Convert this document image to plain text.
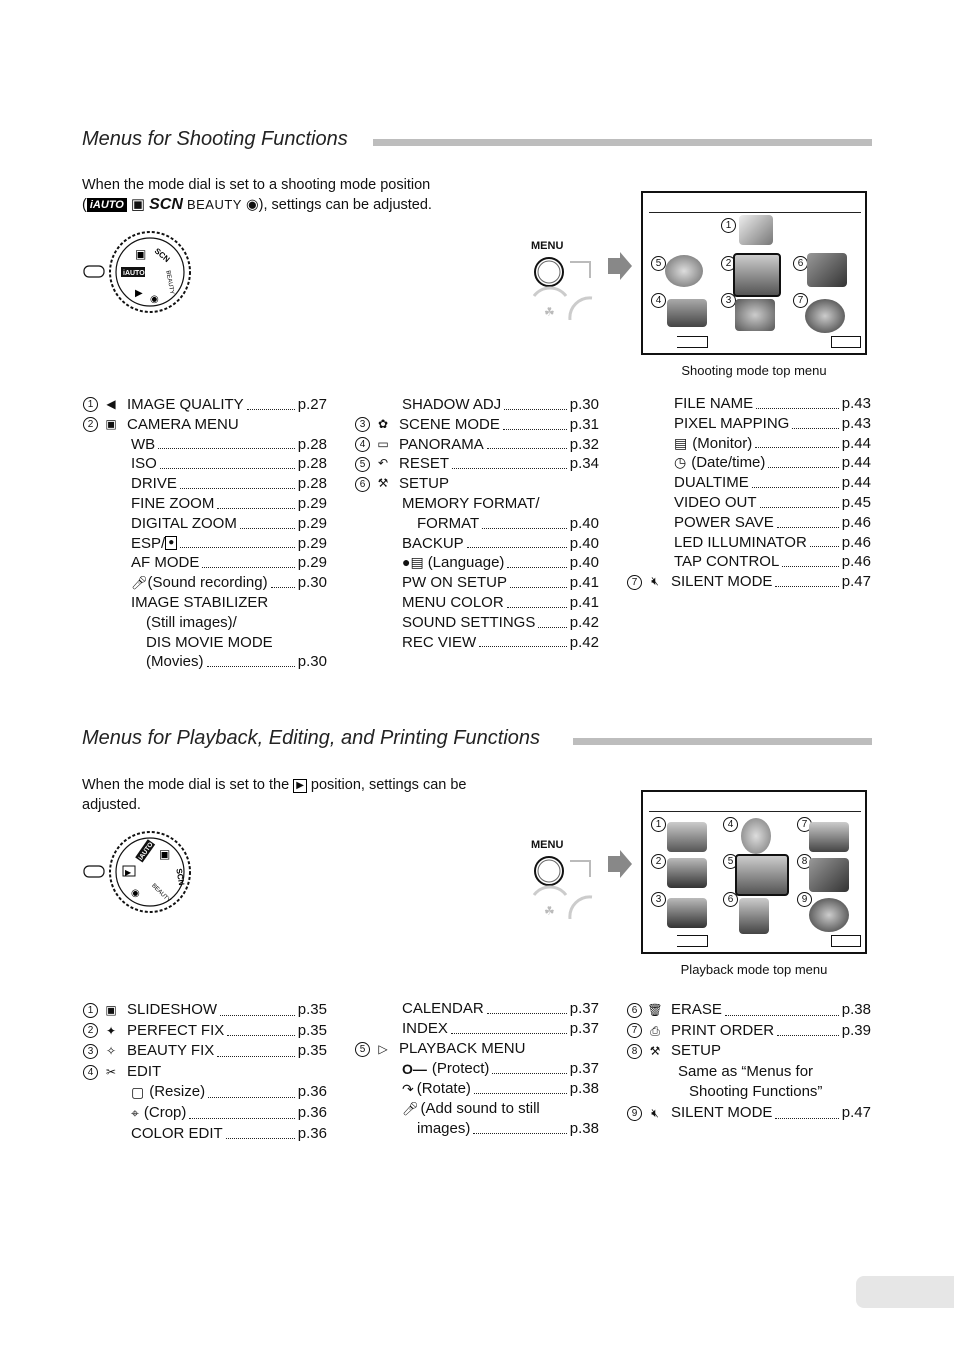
Menus for Shooting Functions
When the mode dial is set to a shooting mode position
( iAUTO ▣ SCN BEAUTY ◉), settings can be adjusted.
iAUTO
▣ SCN
BEAUTY
▶
◉
MENU
☘
1
5	2	6
4	3	7
Shooting mode top menu
1	◀ IMAGE QUALITY	p.27
2	▣ CAMERA MENU
WB	p.28
ISO	p.28
DRIVE	p.28
FINE ZOOM	p.29
DIGITAL ZOOM	p.29
ESP/ ●	p.29
AF MODE	p.29
🎤︎ (Sound recording) p.30
IMAGE STABILIZER
(Still images)/
DIS MOVIE MODE
(Movies)	p.30
SHADOW ADJ	p.30
3	✿ SCENE MODE	p.31
4	▭ PANORAMA	p.32
5	↶ RESET	p.34
6	⚒ SETUP
MEMORY FORMAT/
FORMAT	p.40
BACKUP	p.40
●▤ (Language)	p.40
PW ON SETUP	p.41
MENU COLOR	p.41
SOUND SETTINGS p.42
REC VIEW	p.42
FILE NAME	p.43
PIXEL MAPPING	p.43
▤ (Monitor)	p.44
◷ (Date/time)	p.44
DUALTIME	p.44
VIDEO OUT	p.45
POWER SAVE	p.46
LED ILLUMINATOR p.46
TAP CONTROL	p.46
7	🔇︎ SILENT MODE	p.47
Menus for Playback, Editing, and Printing Functions
When the mode dial is set to the ▶ position, settings can be
adjusted.
▶
iAUTO ▣
SCN
BEAUTY
◉
MENU
☘
1	4	7
2	5	8
3	6	9
Playback mode top menu
1	▣ SLIDESHOW	p.35
2	✦ PERFECT FIX	p.35
3	✧ BEAUTY FIX	p.35
4	✂ EDIT
▢ (Resize)	p.36
⌖ (Crop)	p.36
COLOR EDIT	p.36
CALENDAR	p.37
INDEX	p.37
5	▷ PLAYBACK MENU
O— (Protect)	p.37
↷ (Rotate)	p.38
🎤︎ (Add sound to still
images)	p.38
6 🗑︎ ERASE	p.38
7	⎙ PRINT ORDER	p.39
8	⚒ SETUP
Same as “Menus for
Shooting Functions”
9	🔇︎ SILENT MODE	p.47
